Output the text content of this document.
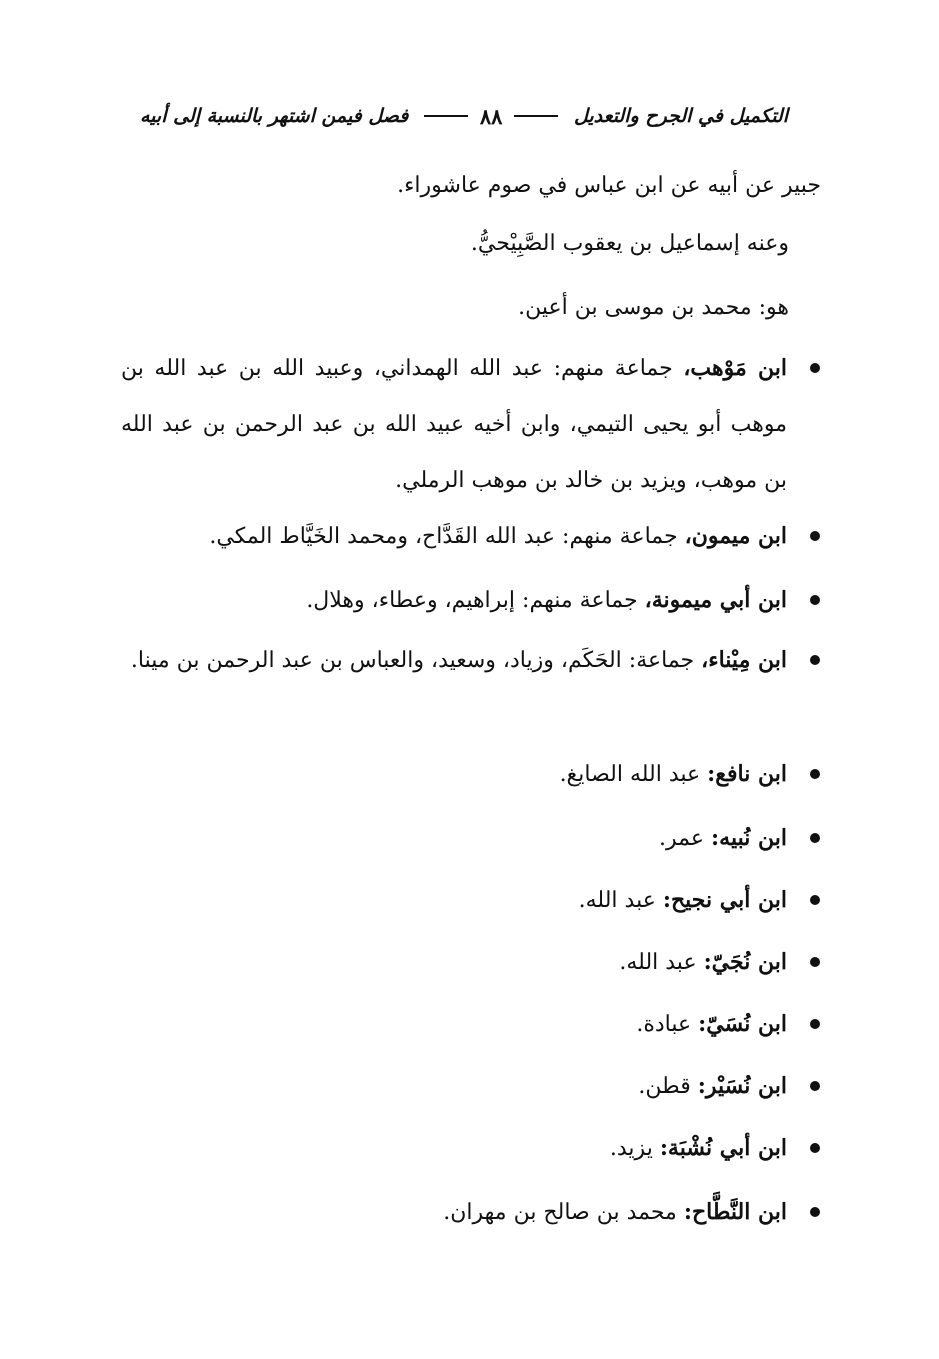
التكميل في الجرح والتعديل
٨٨
فصل فيمن اشتهر بالنسبة إلى أبيه
جبير عن أبيه عن ابن عباس في صوم عاشوراء.
وعنه إسماعيل بن يعقوب الصَّبِيْحيُّ.
هو: محمد بن موسى بن أعين.
ابن مَوْهب، جماعة منهم: عبد الله الهمداني، وعبيد الله بن عبد الله بن موهب أبو يحيى التيمي، وابن أخيه عبيد الله بن عبد الرحمن بن عبد الله بن موهب، ويزيد بن خالد بن موهب الرملي.
ابن ميمون، جماعة منهم: عبد الله القَدَّاح، ومحمد الخَيَّاط المكي.
ابن أبي ميمونة، جماعة منهم: إبراهيم، وعطاء، وهلال.
ابن مِيْناء، جماعة: الحَكَم، وزياد، وسعيد، والعباس بن عبد الرحمن بن مينا.
ابن نافع: عبد الله الصايغ.
ابن نُبيه: عمر.
ابن أبي نجيح: عبد الله.
ابن نُجَيّ: عبد الله.
ابن نُسَيّ: عبادة.
ابن نُسَيْر: قطن.
ابن أبي نُشْبَة: يزيد.
ابن النَّطَّاح: محمد بن صالح بن مهران.
